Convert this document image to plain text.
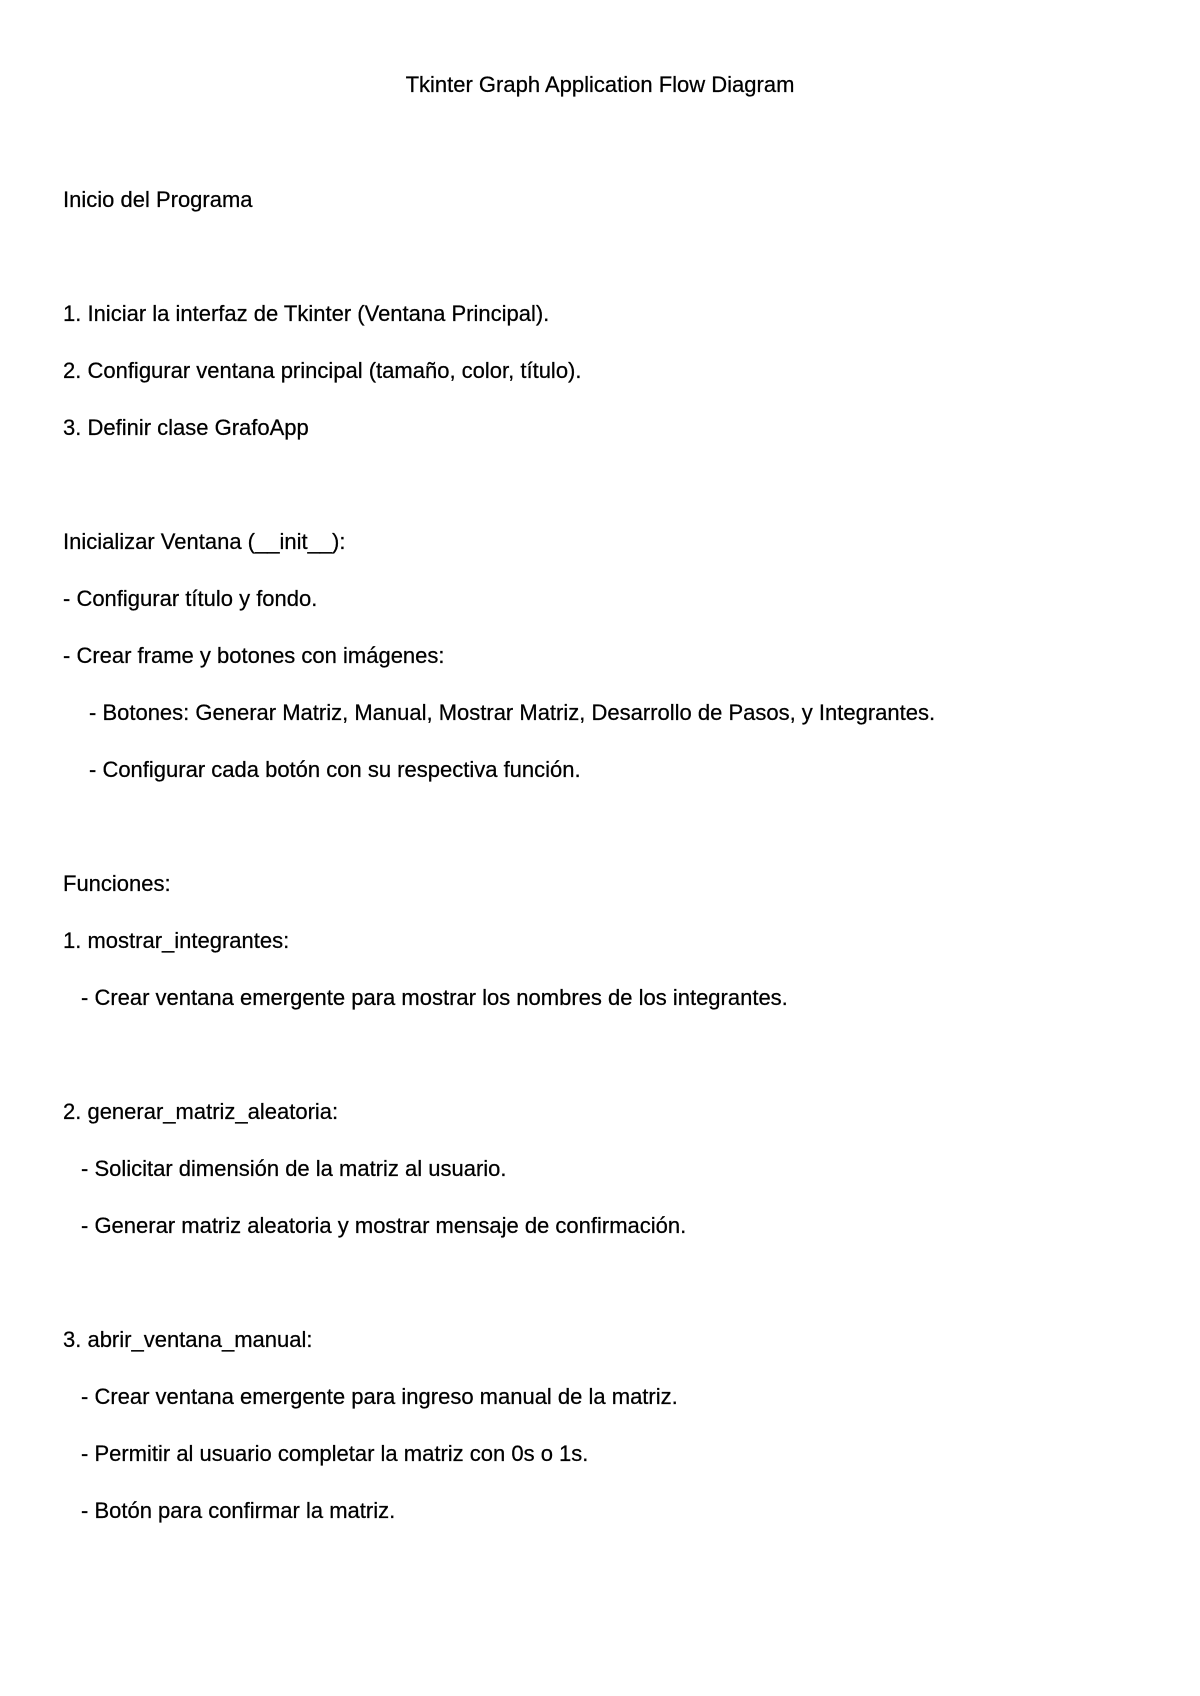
Tkinter Graph Application Flow Diagram
Inicio del Programa
1. Iniciar la interfaz de Tkinter (Ventana Principal).
2. Configurar ventana principal (tamaño, color, título).
3. Definir clase GrafoApp
Inicializar Ventana (__init__):
- Configurar título y fondo.
- Crear frame y botones con imágenes:
- Botones: Generar Matriz, Manual, Mostrar Matriz, Desarrollo de Pasos, y Integrantes.
- Configurar cada botón con su respectiva función.
Funciones:
1. mostrar_integrantes:
- Crear ventana emergente para mostrar los nombres de los integrantes.
2. generar_matriz_aleatoria:
- Solicitar dimensión de la matriz al usuario.
- Generar matriz aleatoria y mostrar mensaje de confirmación.
3. abrir_ventana_manual:
- Crear ventana emergente para ingreso manual de la matriz.
- Permitir al usuario completar la matriz con 0s o 1s.
- Botón para confirmar la matriz.
